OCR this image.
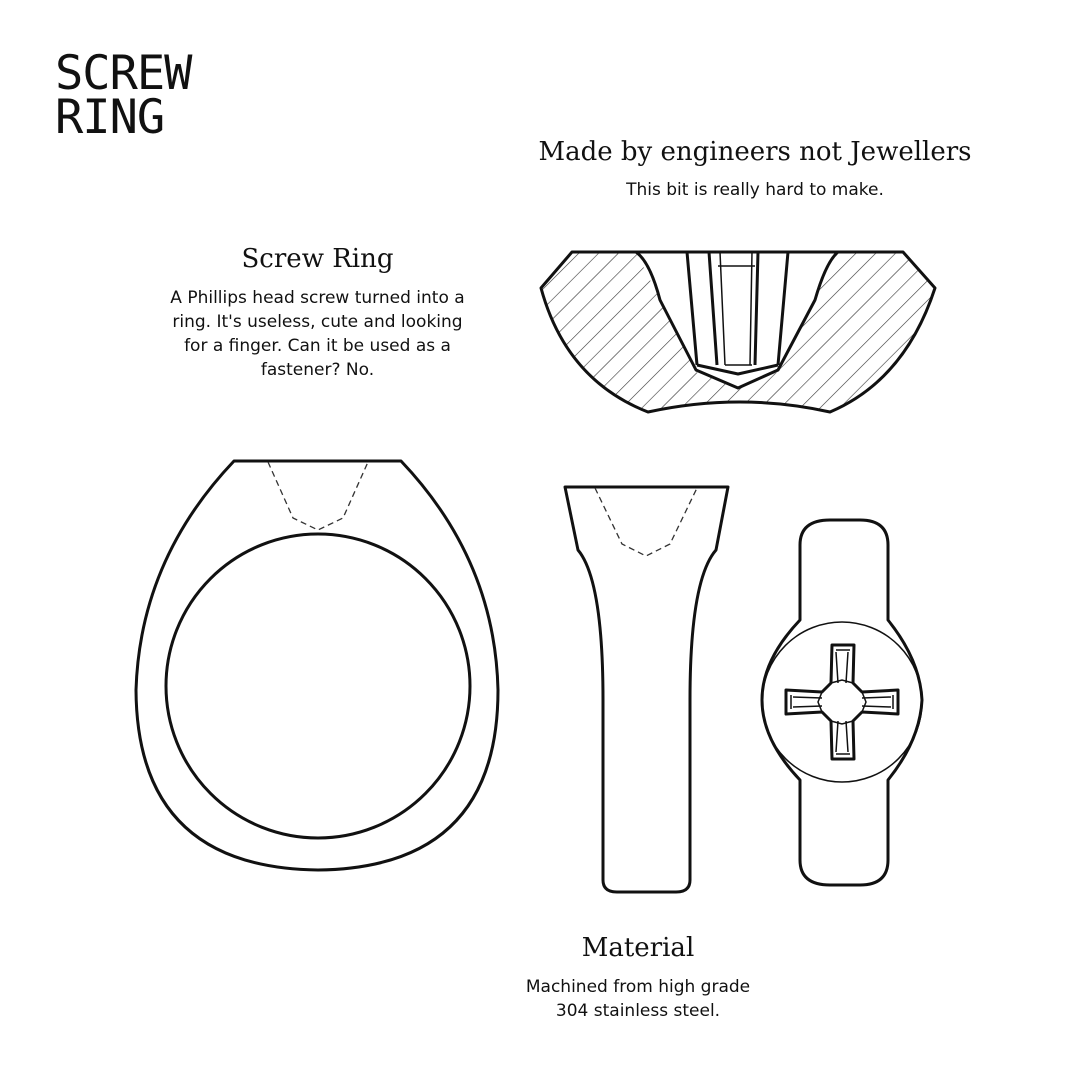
SCREW
RING
Made by engineers not Jewellers
This bit is really hard to make.
Screw Ring
A Phillips head screw turned into a ring. It's useless, cute and looking for a finger. Can it be used as a fastener? No.
Material
Machined from high grade
304 stainless steel.
